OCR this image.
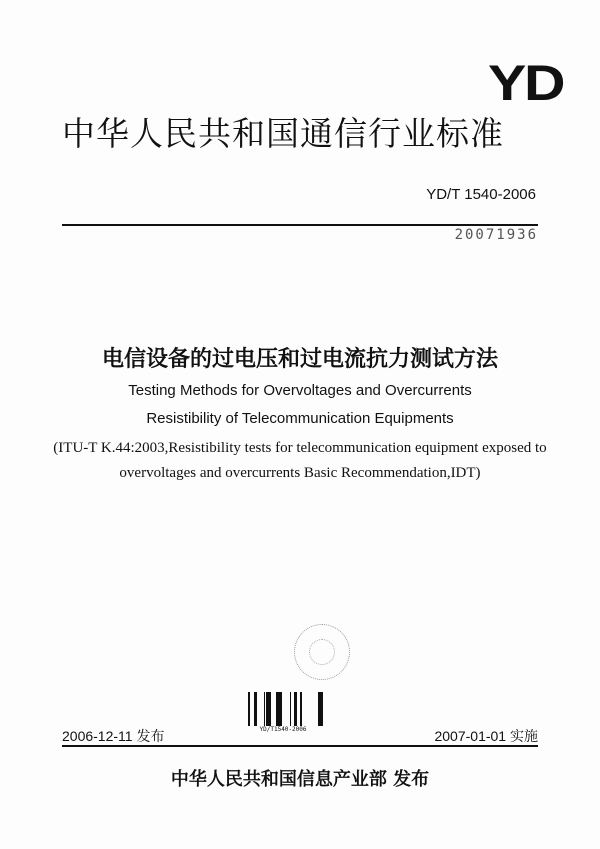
YD
中华人民共和国通信行业标准
YD/T 1540-2006
20071936
电信设备的过电压和过电流抗力测试方法
Testing Methods for Overvoltages and Overcurrents
Resistibility of Telecommunication Equipments
(ITU-T K.44:2003,Resistibility tests for telecommunication equipment exposed to
overvoltages and overcurrents Basic Recommendation,IDT)
YD/T1540-2006
2006-12-11 发布	2007-01-01 实施
中华人民共和国信息产业部 发布
